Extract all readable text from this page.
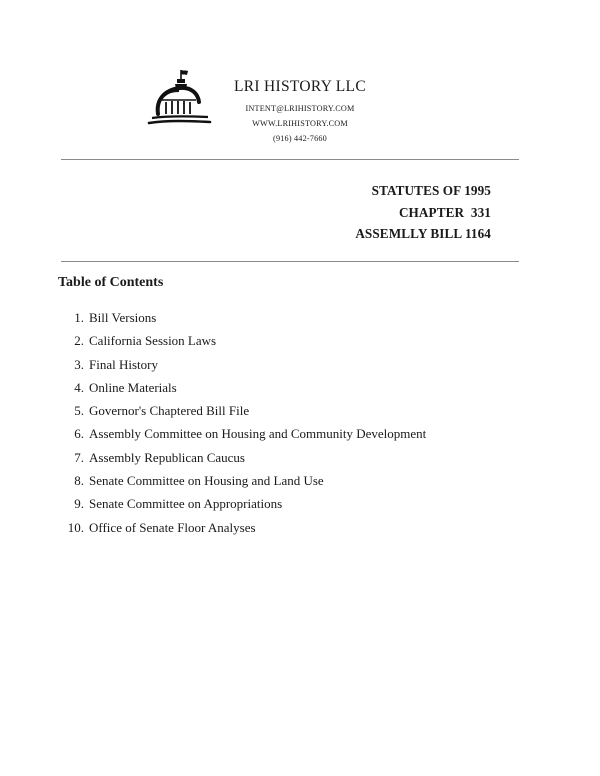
LRI HISTORY LLC
INTENT@LRIHISTORY.COM
WWW.LRIHISTORY.COM
(916) 442-7660
STATUTES OF 1995
CHAPTER  331
ASSEMLLY BILL 1164
Table of Contents
1. Bill Versions
2. California Session Laws
3. Final History
4. Online Materials
5. Governor's Chaptered Bill File
6. Assembly Committee on Housing and Community Development
7. Assembly Republican Caucus
8. Senate Committee on Housing and Land Use
9. Senate Committee on Appropriations
10. Office of Senate Floor Analyses
